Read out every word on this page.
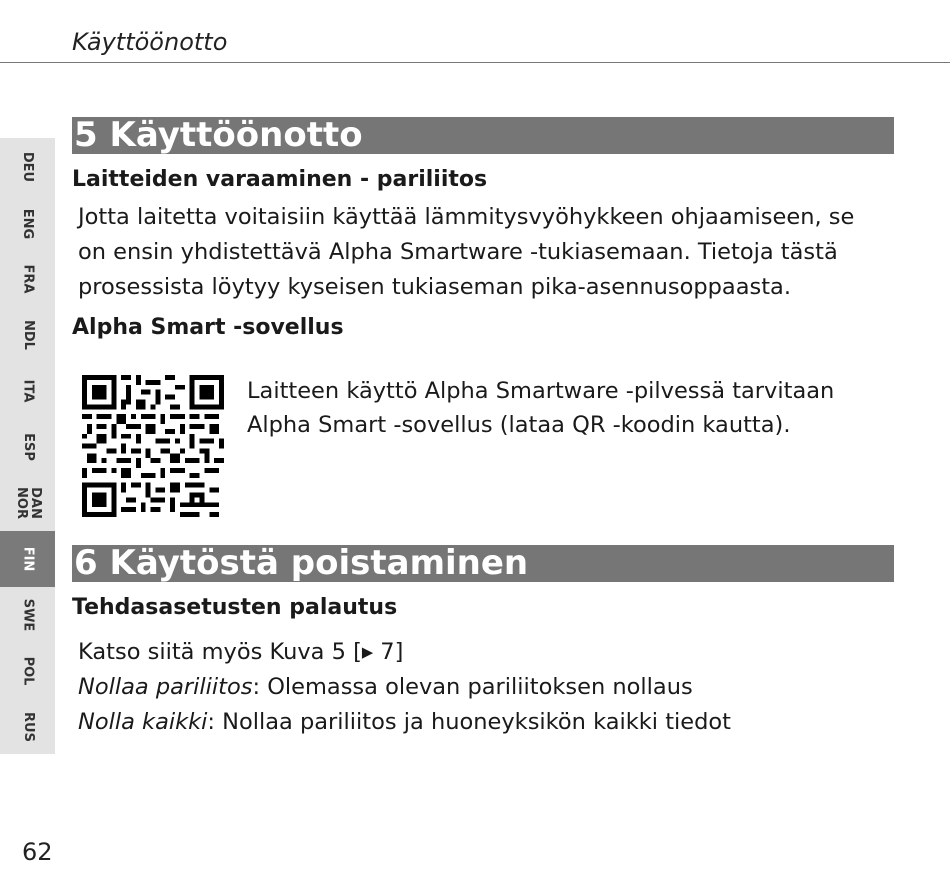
Käyttöönotto
DEU
ENG
FRA
NDL
ITA
ESP
DAN
NOR
FIN
SWE
POL
RUS
5 Käyttöönotto
Laitteiden varaaminen - pariliitos
Jotta laitetta voitaisiin käyttää lämmitysvyöhykkeen ohjaamiseen, se
on ensin yhdistettävä Alpha Smartware -tukiasemaan. Tietoja tästä
prosessista löytyy kyseisen tukiaseman pika-asennusoppaasta.
Alpha Smart -sovellus
Laitteen käyttö Alpha Smartware -pilvessä tarvitaan
Alpha Smart -sovellus (lataa QR -koodin kautta).
6 Käytöstä poistaminen
Tehdasasetusten palautus
Katso siitä myös Kuva 5 [▸ 7]
Nollaa pariliitos: Olemassa olevan pariliitoksen nollaus
Nolla kaikki: Nollaa pariliitos ja huoneyksikön kaikki tiedot
62
